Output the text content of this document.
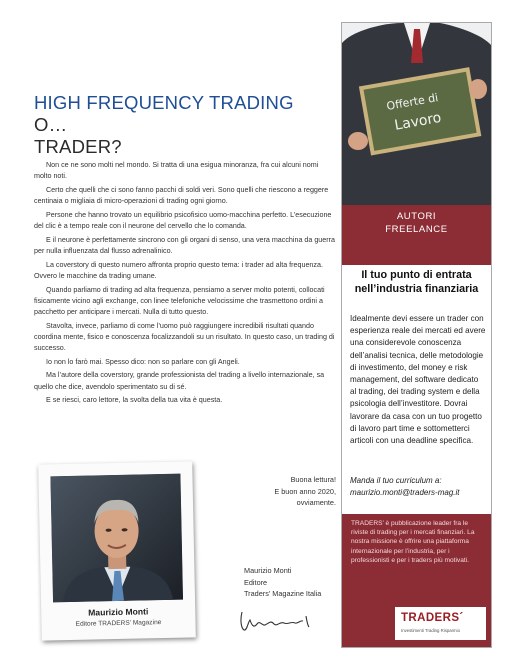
HIGH FREQUENCY TRADING O…
TRADER?

Non ce ne sono molti nel mondo. Si tratta di una esigua minoranza, fra cui alcuni nomi molto noti.

Certo che quelli che ci sono fanno pacchi di soldi veri. Sono quelli che riescono a reggere centinaia o migliaia di micro-operazioni di trading ogni giorno.

Persone che hanno trovato un equilibrio psicofisico uomo-macchina perfetto. L’esecuzione del clic è a tempo reale con il neurone del cervello che lo comanda.

E il neurone è perfettamente sincrono con gli organi di senso, una vera macchina da guerra per nulla influenzata dal flusso adrenalinico.

La coverstory di questo numero affronta proprio questo tema: i trader ad alta frequenza. Ovvero le macchine da trading umane.

Quando parliamo di trading ad alta frequenza, pensiamo a server molto potenti, collocati fisicamente vicino agli exchange, con linee telefoniche velocissime che trasmettono ordini a pacchetto per anticipare i mercati. Nulla di tutto questo.

Stavolta, invece, parliamo di come l’uomo può raggiungere incredibili risultati quando coordina mente, fisico e conoscenza focalizzandoli su un risultato. In questo caso, un trading di successo.

Io non lo farò mai. Spesso dico: non so parlare con gli Angeli.

Ma l’autore della coverstory, grande professionista del trading a livello internazionale, sa quello che dice, avendolo sperimentato su di sé.

E se riesci, caro lettore, la svolta della tua vita è questa.

Maurizio Monti
Editore TRADERS’ Magazine
Buona lettura!
E buon anno 2020,
ovviamente.
Maurizio Monti
Editore
Traders’ Magazine Italia
Offerte di
Lavoro
AUTORI
FREELANCE
Il tuo punto di entrata
nell’industria finanziaria
Idealmente devi essere un trader con esperienza reale dei mercati ed avere una considerevole conoscenza dell’analisi tecnica, delle metodologie di investimento, del money e risk management, del software dedicato al trading, dei trading system e della psicologia dell’investitore. Dovrai lavorare da casa con un tuo progetto di lavoro part time e sottometterci articoli con una deadline specifica.
Manda il tuo curriculum a:
maurizio.monti@traders-mag.it
TRADERS’ è pubblicazione leader fra le riviste di trading per i mercati finanziari. La nostra missione è offrire una piattaforma internazionale per l’industria, per i professionisti e per i traders più motivati.
TRADERS´
Investimenti Trading Risparmio
